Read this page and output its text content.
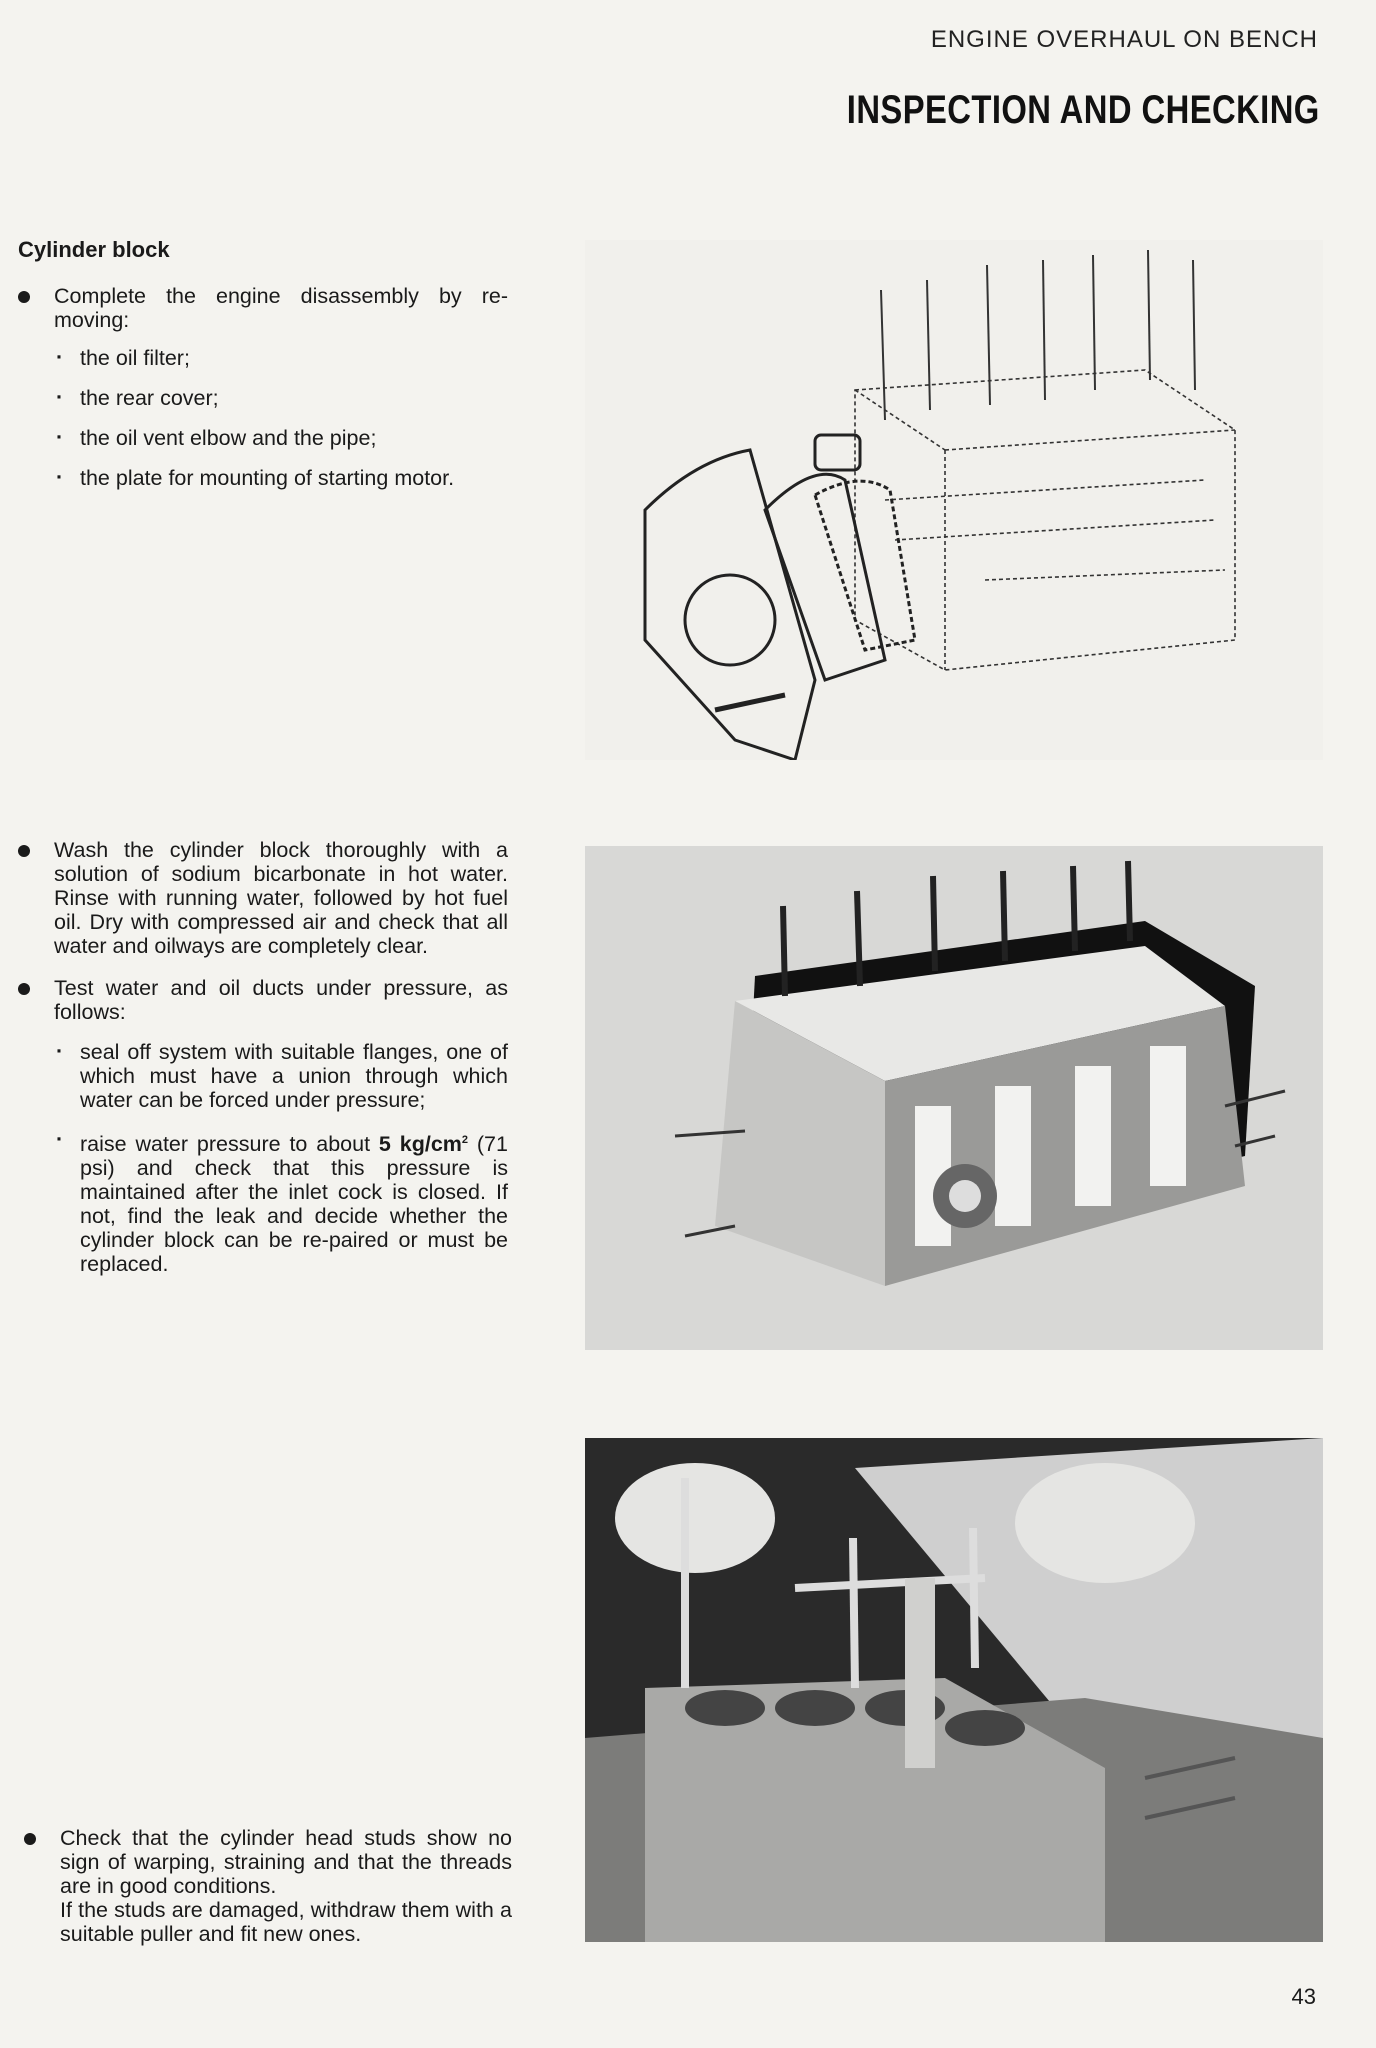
ENGINE OVERHAUL ON BENCH
INSPECTION AND CHECKING
Cylinder block
Complete the engine disassembly by re-moving:
· the oil filter;
· the rear cover;
· the oil vent elbow and the pipe;
· the plate for mounting of starting motor.
Wash the cylinder block thoroughly with a solution of sodium bicarbonate in hot water. Rinse with running water, followed by hot fuel oil. Dry with compressed air and check that all water and oilways are completely clear.
Test water and oil ducts under pressure, as follows:
· seal off system with suitable flanges, one of which must have a union through which water can be forced under pressure;
· raise water pressure to about 5 $kg/cm^2$ (71 psi) and check that this pressure is maintained after the inlet cock is closed. If not, find the leak and decide whether the cylinder block can be re-paired or must be replaced.
Check that the cylinder head studs show no sign of warping, straining and that the threads are in good conditions.
If the studs are damaged, withdraw them with a suitable puller and fit new ones.
43
